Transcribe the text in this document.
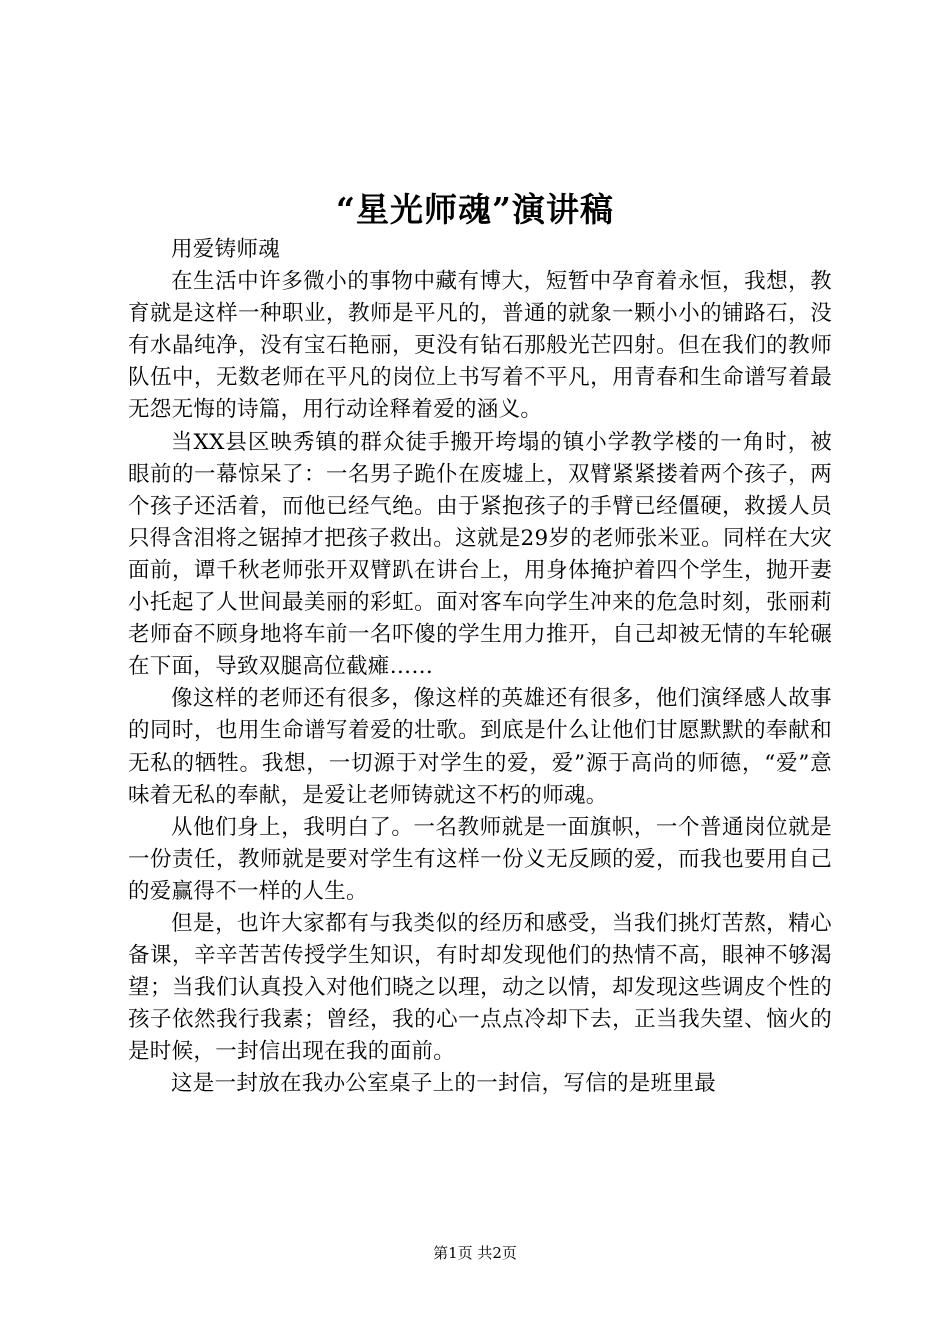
“星光师魂”演讲稿

用爱铸师魂

在生活中许多微小的事物中藏有博大，短暂中孕育着永恒，我想，教育就是这样一种职业，教师是平凡的，普通的就象一颗小小的铺路石，没有水晶纯净，没有宝石艳丽，更没有钻石那般光芒四射。但在我们的教师队伍中，无数老师在平凡的岗位上书写着不平凡，用青春和生命谱写着最无怨无悔的诗篇，用行动诠释着爱的涵义。

当XX县区映秀镇的群众徒手搬开垮塌的镇小学教学楼的一角时，被眼前的一幕惊呆了：一名男子跪仆在废墟上，双臂紧紧搂着两个孩子，两个孩子还活着，而他已经气绝。由于紧抱孩子的手臂已经僵硬，救援人员只得含泪将之锯掉才把孩子救出。这就是29岁的老师张米亚。同样在大灾面前，谭千秋老师张开双臂趴在讲台上，用身体掩护着四个学生，抛开妻小托起了人世间最美丽的彩虹。面对客车向学生冲来的危急时刻，张丽莉老师奋不顾身地将车前一名吓傻的学生用力推开，自己却被无情的车轮碾在下面，导致双腿高位截瘫……

像这样的老师还有很多，像这样的英雄还有很多，他们演绎感人故事的同时，也用生命谱写着爱的壮歌。到底是什么让他们甘愿默默的奉献和无私的牺牲。我想，一切源于对学生的爱，爱”源于高尚的师德，“爱”意味着无私的奉献，是爱让老师铸就这不朽的师魂。

从他们身上，我明白了。一名教师就是一面旗帜，一个普通岗位就是一份责任，教师就是要对学生有这样一份义无反顾的爱，而我也要用自己的爱赢得不一样的人生。

但是，也许大家都有与我类似的经历和感受，当我们挑灯苦熬，精心备课，辛辛苦苦传授学生知识，有时却发现他们的热情不高，眼神不够渴望；当我们认真投入对他们晓之以理，动之以情，却发现这些调皮个性的孩子依然我行我素；曾经，我的心一点点冷却下去，正当我失望、恼火的是时候，一封信出现在我的面前。

这是一封放在我办公室桌子上的一封信，写信的是班里最

第1页 共2页
